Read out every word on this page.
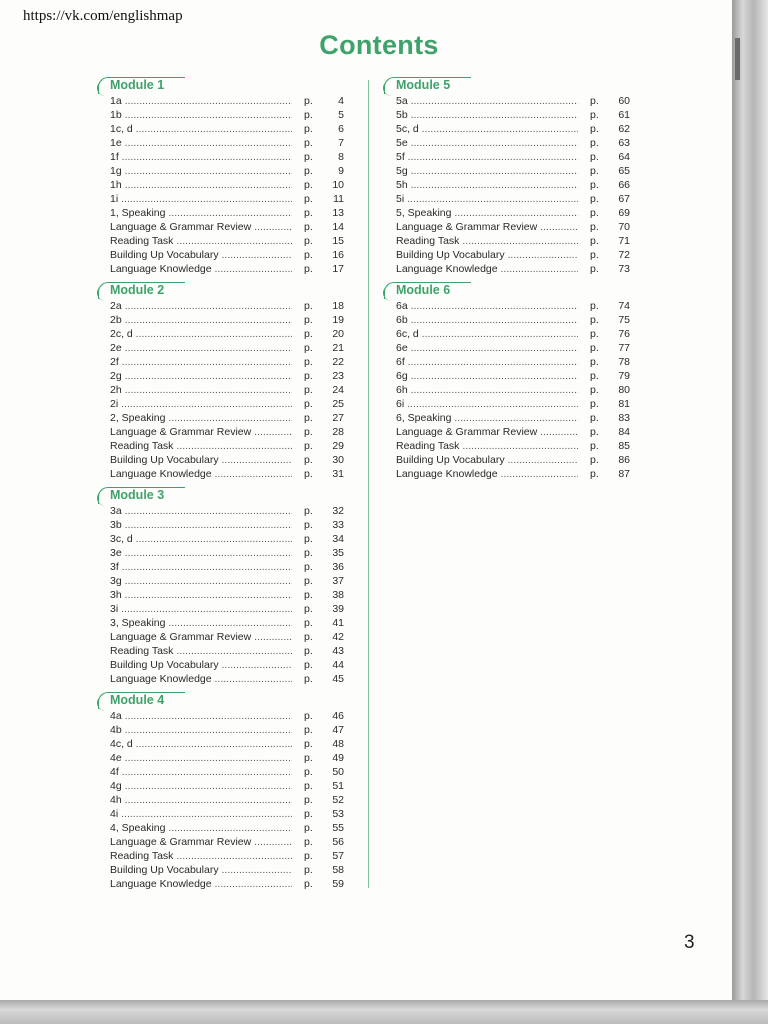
https://vk.com/englishmap
Contents
Module 1
1a .....	p.	4
1b .....	p.	5
1c, d .....	p.	6
1e .....	p.	7
1f .....	p.	8
1g .....	p.	9
1h .....	p.	10
1i .....	p.	11
1, Speaking .....	p.	13
Language & Grammar Review .....	p.	14
Reading Task .....	p.	15
Building Up Vocabulary .....	p.	16
Language Knowledge .....	p.	17
Module 2
2a .....	p.	18
2b .....	p.	19
2c, d .....	p.	20
2e .....	p.	21
2f .....	p.	22
2g .....	p.	23
2h .....	p.	24
2i .....	p.	25
2, Speaking .....	p.	27
Language & Grammar Review .....	p.	28
Reading Task .....	p.	29
Building Up Vocabulary .....	p.	30
Language Knowledge .....	p.	31
Module 3
3a .....	p.	32
3b .....	p.	33
3c, d .....	p.	34
3e .....	p.	35
3f .....	p.	36
3g .....	p.	37
3h .....	p.	38
3i .....	p.	39
3, Speaking .....	p.	41
Language & Grammar Review .....	p.	42
Reading Task .....	p.	43
Building Up Vocabulary .....	p.	44
Language Knowledge .....	p.	45
Module 4
4a .....	p.	46
4b .....	p.	47
4c, d .....	p.	48
4e .....	p.	49
4f .....	p.	50
4g .....	p.	51
4h .....	p.	52
4i .....	p.	53
4, Speaking .....	p.	55
Language & Grammar Review .....	p.	56
Reading Task .....	p.	57
Building Up Vocabulary .....	p.	58
Language Knowledge .....	p.	59
Module 5
5a .....	p.	60
5b .....	p.	61
5c, d .....	p.	62
5e .....	p.	63
5f .....	p.	64
5g .....	p.	65
5h .....	p.	66
5i .....	p.	67
5, Speaking .....	p.	69
Language & Grammar Review .....	p.	70
Reading Task .....	p.	71
Building Up Vocabulary .....	p.	72
Language Knowledge .....	p.	73
Module 6
6a .....	p.	74
6b .....	p.	75
6c, d .....	p.	76
6e .....	p.	77
6f .....	p.	78
6g .....	p.	79
6h .....	p.	80
6i .....	p.	81
6, Speaking .....	p.	83
Language & Grammar Review .....	p.	84
Reading Task .....	p.	85
Building Up Vocabulary .....	p.	86
Language Knowledge .....	p.	87
3
